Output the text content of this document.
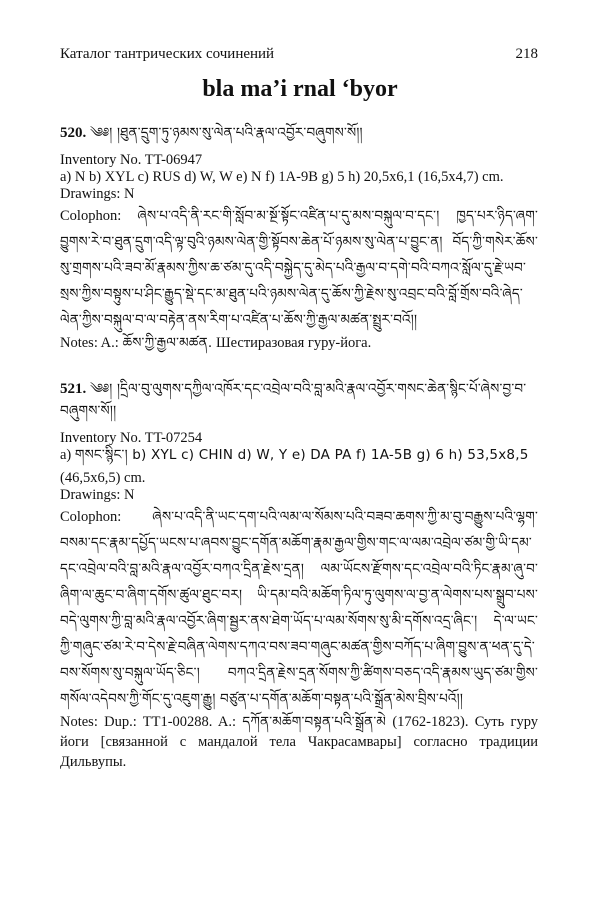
Каталог тантрических сочинений	218
bla ma’i rnal ‘byor

520. ༄༅། །ཐུན་དྲུག་ཏུ་ཉམས་སུ་ལེན་པའི་རྣལ་འབྱོར་བཞུགས་སོ།།

Inventory No. TT-06947

a) N b) XYL c) RUS d) W, W e) N f) 1A-9B g) 5 h) 20,5x6,1 (16,5x4,7) cm.

Drawings: N

Colophon: ཞེས་པ་འདི་ནི་རང་གི་སློབ་མ་སྔོ་སྟོང་འཛིན་པ་དུ་མས་བསྐུལ་བ་དང་། ཁྱད་པར་ཉིད་ཞག་བྱུགས་རེ་བ་ཐུན་དྲུག་འདི་ལྟ་བུའི་ཉམས་ལེན་གྱི་སྟོབས་ཆེན་པོ་ཉམས་སུ་ལེན་པ་བྱུང་ན། བོད་ཀྱི་གསེར་ཆོས་སུ་གྲགས་པའི་ཟབ་མོ་རྣམས་ཀྱིས་ཆ་ཙམ་དུ་འདི་བསྐྱེད་དུ་མེད་པའི་རྒྱལ་བ་དགེ་བའི་བཀའ་སློལ་དུ་རྗེ་ཡབ་སྲས་ཀྱིས་བསྟུས་པ་ཤིང་རྒྱུད་སྡེ་དང་མ་ཐུན་པའི་ཉམས་ལེན་དུ་ཆོས་ཀྱི་རྗེས་སུ་འབྲང་བའི་བློ་གྲོས་བའི་ཞེད་ལེན་ཀྱིས་བསྐུལ་བ་ལ་བརྟེན་ནས་རིག་པ་འཛིན་པ་ཆོས་ཀྱི་རྒྱལ་མཚན་སྤྲུར་བའོ།།

Notes: A.: ཆོས་ཀྱི་རྒྱལ་མཚན. Шестиразовая гуру-йога.

521. ༄༅། །དྲིལ་བུ་ལུགས་དཀྱིལ་འཁོར་དང་འབྲེལ་བའི་བླ་མའི་རྣལ་འབྱོར་གསང་ཆེན་སྙིང་པོ་ཞེས་བྱ་བ་བཞུགས་སོ།།

Inventory No. TT-07254

a) གསང་སྙིང་། b) XYL c) CHIN d) W, Y e) DA PA f) 1A-5B g) 6 h) 53,5x8,5

(46,5x6,5) cm.

Drawings: N

Colophon: ཞེས་པ་འདི་ནི་ཡང་དག་པའི་ལམ་ལ་སོམས་པའི་བཟབ་ཆགས་ཀྱི་མ་བུ་བརྒྱུས་པའི་ལྷག་བསམ་དང་རྣམ་དཔྱོད་ཡངས་པ་ཞབས་བྱུང་དགོན་མཆོག་རྣམ་རྒྱལ་གྱིས་གང་ལ་ལམ་འབྲེལ་ཙམ་གྱི་ཡི་དམ་དང་འབྲེལ་བའི་བླ་མའི་རྣལ་འབྱོར་བཀའ་དྲིན་རྗེས་དྲན། ལམ་ཡོངས་རྫོགས་དང་འབྲེལ་བའི་ཏིང་རྣམ་ཞུ་བ་ཞིག་ལ་ཆུང་བ་ཞིག་དགོས་ཚུལ་ཐུང་བར། ཡི་དམ་བའི་མཆོག་ཏིལ་ཏུ་ལུགས་ལ་བྱ་ན་ལེགས་པས་སྒྲུབ་པས་བདེ་ལུགས་ཀྱི་བླ་མའི་རྣལ་འབྱོར་ཞིག་སྦྱར་ནས་ཐེག་ཡོད་པ་ལམ་སོགས་སུ་མི་དགོས་འདྲ་ཞིང་། དེ་ལ་ཡང་ཀྱི་གཞུང་ཙམ་རེ་བ་དེས་རྗེ་བཞིན་ལེགས་དཀའ་བས་ཟབ་གཞུང་མཚན་གྱིས་བཀོད་པ་ཞིག་བྱུས་ན་ཕན་དུ་དེ་བས་སོགས་སུ་བསྐུལ་ཡོད་ཅིང་། བཀའ་དྲིན་རྗེས་དྲན་སོགས་ཀྱི་ཚིགས་བཅད་འདི་རྣམས་ཡུད་ཙམ་གྱིས་གསོལ་འདེབས་ཀྱི་གོང་དུ་འཇུག་རྒྱུ། བཙུན་པ་དགོན་མཆོག་བསྟན་པའི་སྒྲོན་མེས་བྲིས་པའོ།།

Notes: Dup.: TT1-00288. A.: དཀོན་མཆོག་བསྟན་པའི་སྒྲོན་མེ (1762-1823). Суть гуру йоги [связанной с мандалой тела Чакрасамвары] согласно традиции Дильвупы.
